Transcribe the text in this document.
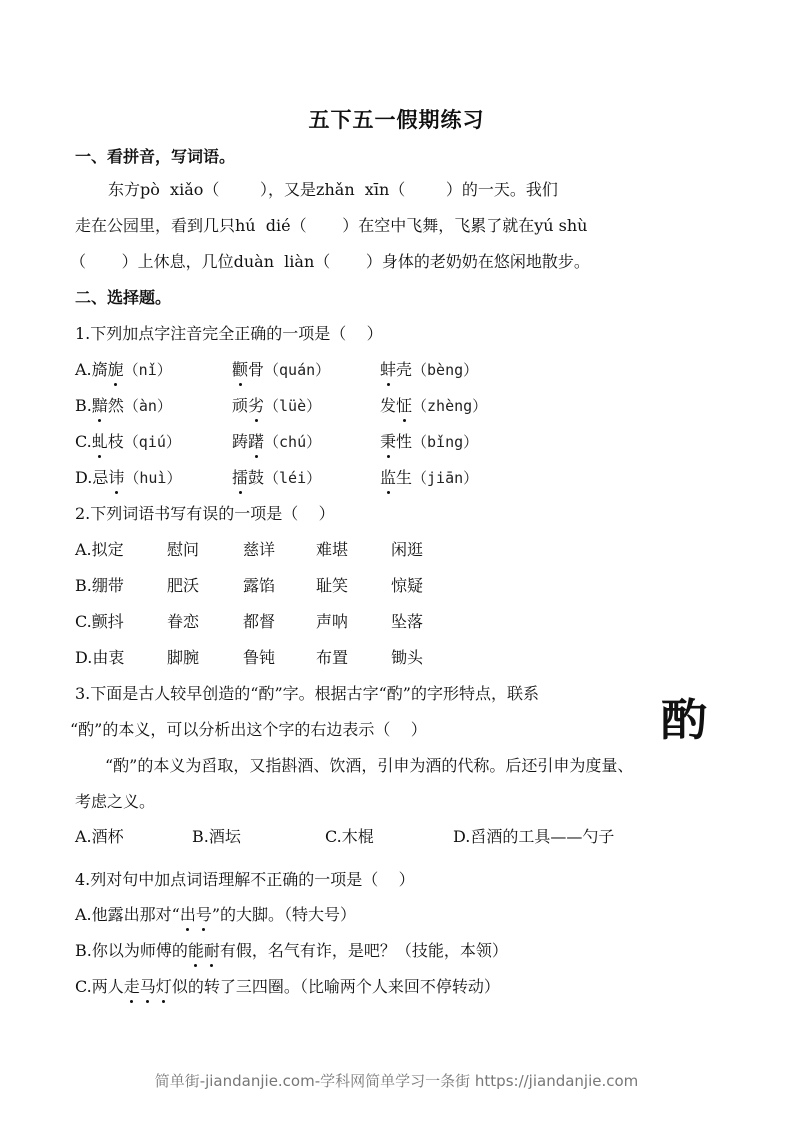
五下五一假期练习
一、看拼音，写词语。
东方pò  xiǎo（        ），又是zhǎn  xīn（        ）的一天。我们
走在公园里，看到几只hú  dié（       ）在空中飞舞，飞累了就在yú shù
（       ）上休息，几位duàn  liàn（       ）身体的老奶奶在悠闲地散步。
二、选择题。
1.下列加点字注音完全正确的一项是（    ）
A.旖旎（nǐ）	颧骨（quán）	蚌壳（bèng）
B.黯然（àn）	顽劣（lüè）	发怔（zhèng）
C.虬枝（qiú）	踌躇（chú）	秉性（bǐng）
D.忌讳（huì）	擂鼓（léi）	监生（jiān）
2.下列词语书写有误的一项是（    ）
A.拟定	慰问	慈详	难堪	闲逛
B.绷带	肥沃	露馅	耻笑	惊疑
C.颤抖	眷恋	都督	声呐	坠落
D.由衷	脚腕	鲁钝	布置	锄头
3.下面是古人较早创造的“酌”字。根据古字“酌”的字形特点，联系
“酌”的本义，可以分析出这个字的右边表示（    ）	酌
“酌”的本义为舀取，又指斟酒、饮酒，引申为酒的代称。后还引申为度量、
考虑之义。
A.酒杯	B.酒坛	C.木棍	D.舀酒的工具——勺子
4.列对句中加点词语理解不正确的一项是（    ）
A.他露出那对“出号”的大脚。（特大号）
B.你以为师傅的能耐有假，名气有诈，是吧？（技能，本领）
C.两人走马灯似的转了三四圈。（比喻两个人来回不停转动）
简单街-jiandanjie.com-学科网简单学习一条街 https://jiandanjie.com
